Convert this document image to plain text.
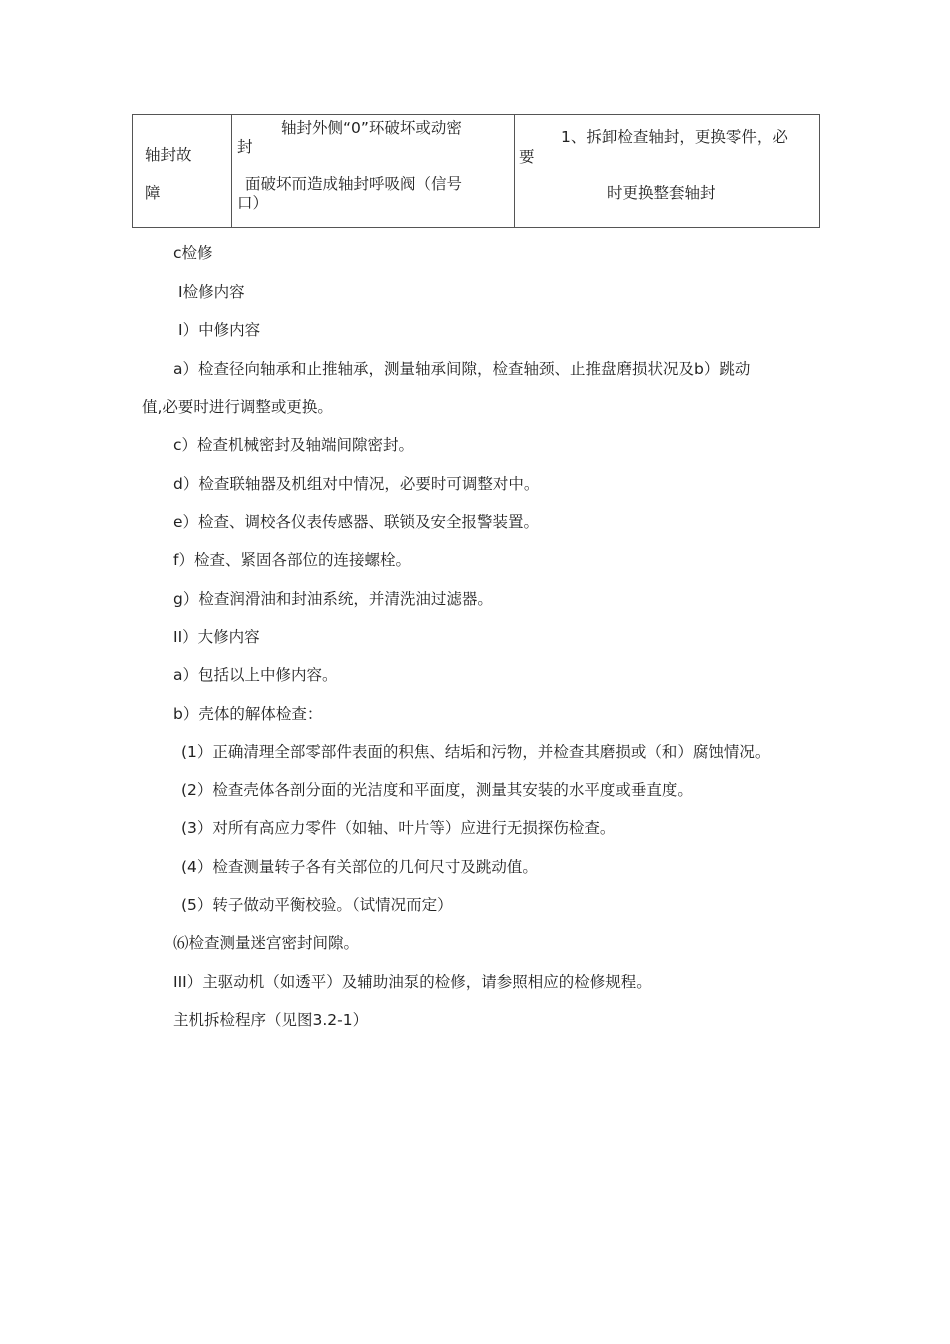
轴封故
障
轴封外侧“0”环破坏或动密
封
面破坏而造成轴封呼吸阀（信号
口）
1、拆卸检查轴封，更换零件，必
要
时更换整套轴封
c检修
Ⅰ检修内容
Ⅰ）中修内容
a）检查径向轴承和止推轴承，测量轴承间隙，检查轴颈、止推盘磨损状况及b）跳动
值,必要时进行调整或更换。
c）检查机械密封及轴端间隙密封。
d）检查联轴器及机组对中情况，必要时可调整对中。
e）检查、调校各仪表传感器、联锁及安全报警装置。
f）检查、紧固各部位的连接螺栓。
g）检查润滑油和封油系统，并清洗油过滤器。
II）大修内容
a）包括以上中修内容。
b）壳体的解体检查：
(1）正确清理全部零部件表面的积焦、结垢和污物，并检查其磨损或（和）腐蚀情况。
(2）检查壳体各剖分面的光洁度和平面度，测量其安装的水平度或垂直度。
(3）对所有高应力零件（如轴、叶片等）应进行无损探伤检查。
(4）检查测量转子各有关部位的几何尺寸及跳动值。
(5）转子做动平衡校验。（试情况而定）
⑹检查测量迷宫密封间隙。
III）主驱动机（如透平）及辅助油泵的检修，请参照相应的检修规程。
主机拆检程序（见图3.2-1）
